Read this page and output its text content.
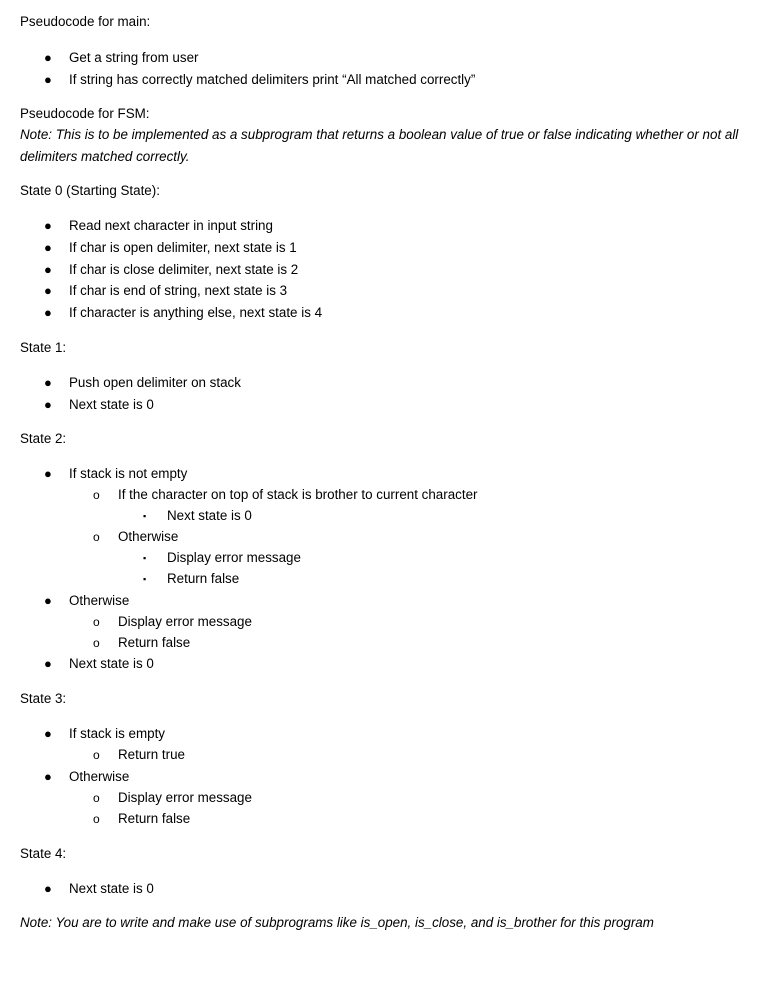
Pseudocode for main:
● Get a string from user
● If string has correctly matched delimiters print “All matched correctly”
Pseudocode for FSM:
Note: This is to be implemented as a subprogram that returns a boolean value of true or false indicating whether or not all delimiters matched correctly.
State 0 (Starting State):
● Read next character in input string
● If char is open delimiter, next state is 1
● If char is close delimiter, next state is 2
● If char is end of string, next state is 3
● If character is anything else, next state is 4
State 1:
● Push open delimiter on stack
● Next state is 0
State 2:
● If stack is not empty
o If the character on top of stack is brother to current character
▪ Next state is 0
o Otherwise
▪ Display error message
▪ Return false
● Otherwise
o Display error message
o Return false
● Next state is 0
State 3:
● If stack is empty
o Return true
● Otherwise
o Display error message
o Return false
State 4:
● Next state is 0
Note: You are to write and make use of subprograms like is_open, is_close, and is_brother for this program
